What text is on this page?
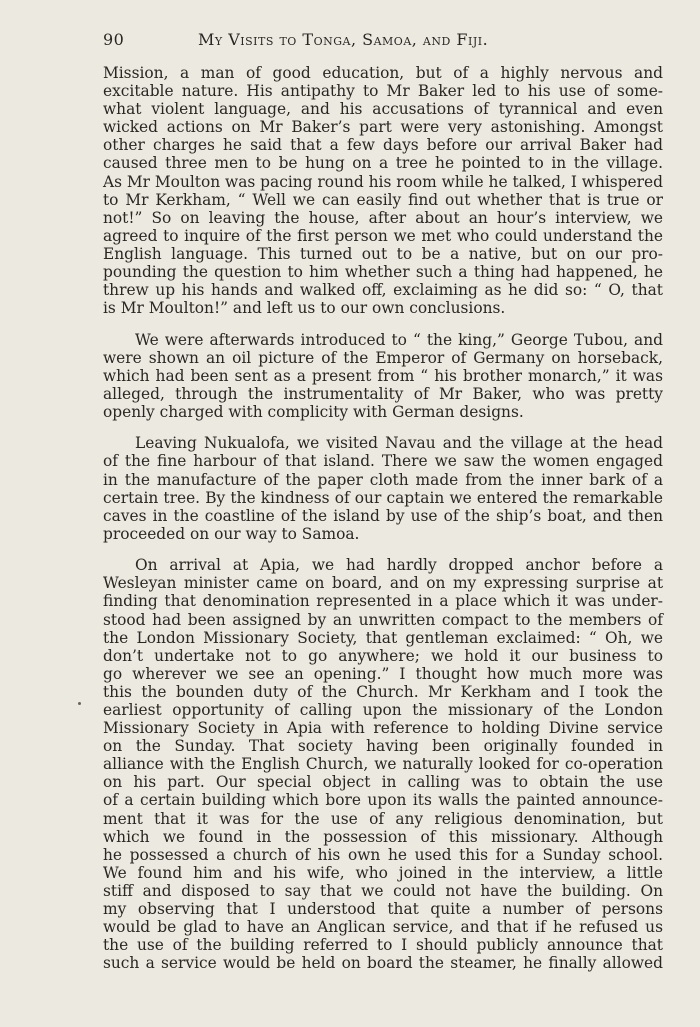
90	My Visits to Tonga, Samoa, and Fiji.

Mission, a man of good education, but of a highly nervous and
excitable nature. His antipathy to Mr Baker led to his use of some-
what violent language, and his accusations of tyrannical and even
wicked actions on Mr Baker’s part were very astonishing. Amongst
other charges he said that a few days before our arrival Baker had
caused three men to be hung on a tree he pointed to in the village.
As Mr Moulton was pacing round his room while he talked, I whispered
to Mr Kerkham, “ Well we can easily find out whether that is true or
not!” So on leaving the house, after about an hour’s interview, we
agreed to inquire of the first person we met who could understand the
English language. This turned out to be a native, but on our pro-
pounding the question to him whether such a thing had happened, he
threw up his hands and walked off, exclaiming as he did so: “ O, that
is Mr Moulton!” and left us to our own conclusions.

We were afterwards introduced to “ the king,” George Tubou, and
were shown an oil picture of the Emperor of Germany on horseback,
which had been sent as a present from “ his brother monarch,” it was
alleged, through the instrumentality of Mr Baker, who was pretty
openly charged with complicity with German designs.

Leaving Nukualofa, we visited Navau and the village at the head
of the fine harbour of that island. There we saw the women engaged
in the manufacture of the paper cloth made from the inner bark of a
certain tree. By the kindness of our captain we entered the remarkable
caves in the coastline of the island by use of the ship’s boat, and then
proceeded on our way to Samoa.

On arrival at Apia, we had hardly dropped anchor before a
Wesleyan minister came on board, and on my expressing surprise at
finding that denomination represented in a place which it was under-
stood had been assigned by an unwritten compact to the members of
the London Missionary Society, that gentleman exclaimed: “ Oh, we
don’t undertake not to go anywhere; we hold it our business to
go wherever we see an opening.” I thought how much more was
this the bounden duty of the Church. Mr Kerkham and I took the
earliest opportunity of calling upon the missionary of the London
Missionary Society in Apia with reference to holding Divine service
on the Sunday. That society having been originally founded in
alliance with the English Church, we naturally looked for co-operation
on his part. Our special object in calling was to obtain the use
of a certain building which bore upon its walls the painted announce-
ment that it was for the use of any religious denomination, but
which we found in the possession of this missionary. Although
he possessed a church of his own he used this for a Sunday school.
We found him and his wife, who joined in the interview, a little
stiff and disposed to say that we could not have the building. On
my observing that I understood that quite a number of persons
would be glad to have an Anglican service, and that if he refused us
the use of the building referred to I should publicly announce that
such a service would be held on board the steamer, he finally allowed
